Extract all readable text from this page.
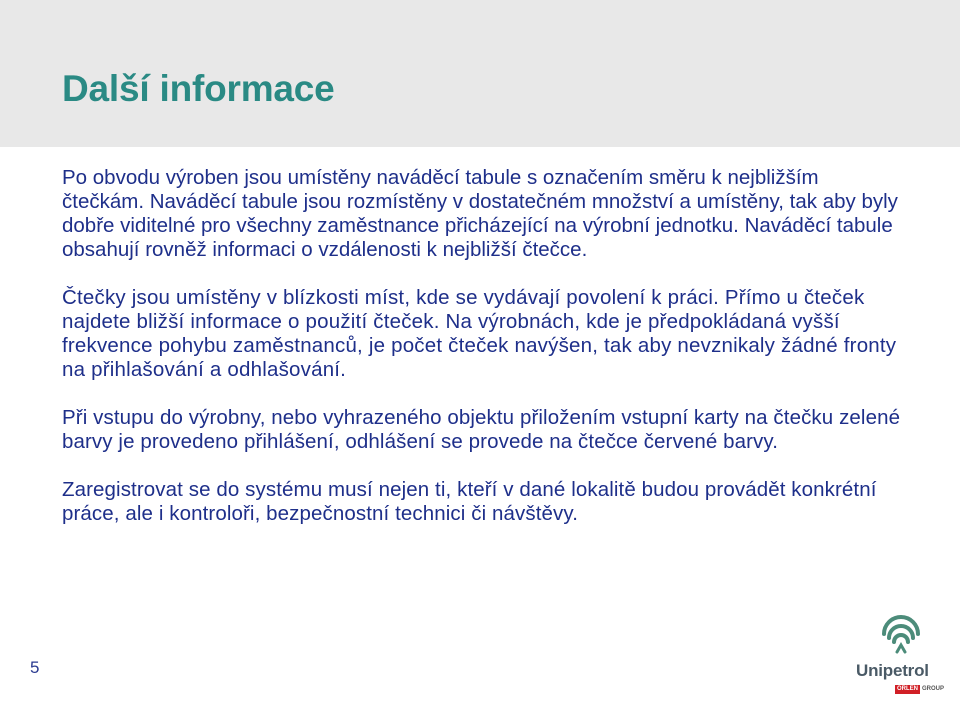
Další informace

Po obvodu výroben jsou umístěny naváděcí tabule s označením směru k nejbližším čtečkám. Naváděcí tabule jsou rozmístěny v dostatečném množství a umístěny, tak aby byly dobře viditelné pro všechny zaměstnance přicházející na výrobní jednotku. Naváděcí tabule obsahují rovněž informaci o vzdálenosti k nejbližší čtečce.

Čtečky jsou umístěny v blízkosti míst, kde se vydávají povolení k práci. Přímo u čteček najdete bližší informace o použití čteček. Na výrobnách, kde je předpokládaná vyšší frekvence pohybu zaměstnanců, je počet čteček navýšen, tak aby nevznikaly žádné fronty na přihlašování a odhlašování.

Při vstupu do výrobny, nebo vyhrazeného objektu přiložením vstupní karty na čtečku zelené barvy je provedeno přihlášení, odhlášení se provede na čtečce červené barvy.

Zaregistrovat se do systému musí nejen ti, kteří v dané lokalitě budou provádět konkrétní práce, ale i kontroloři, bezpečnostní technici či návštěvy.

5	Unipetrol
ORLEN GROUP
